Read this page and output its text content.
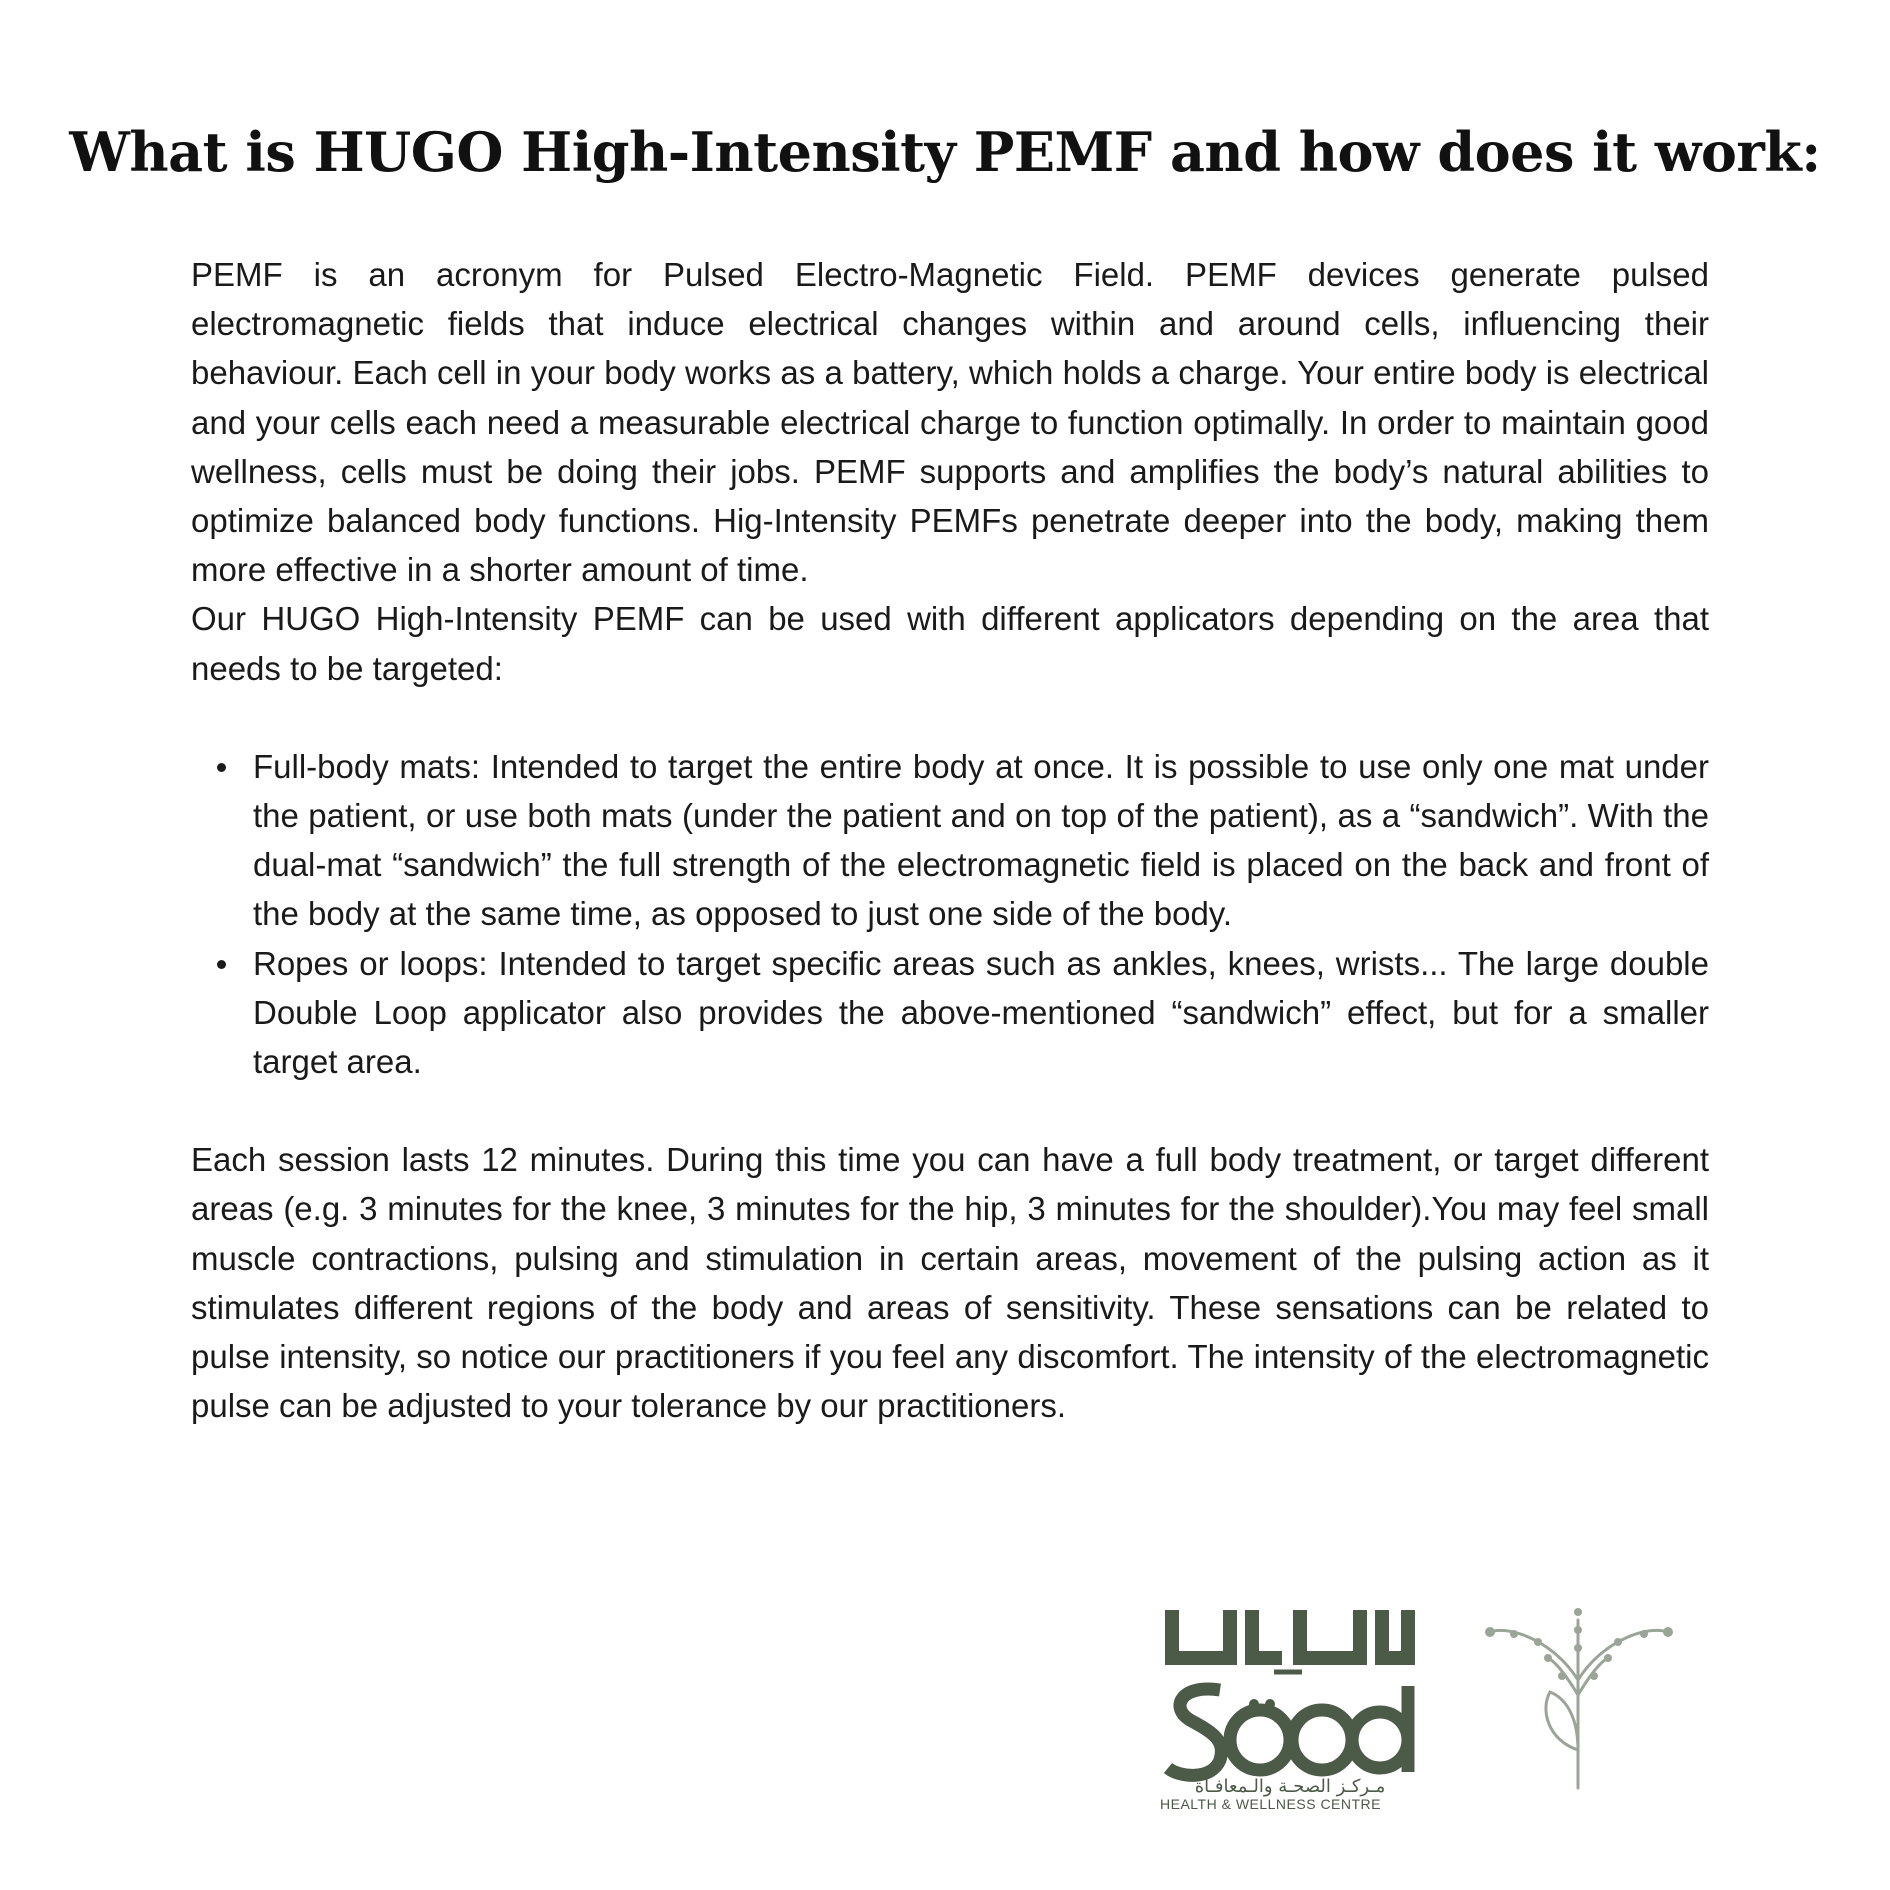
What is HUGO High-Intensity PEMF and how does it work:

PEMF is an acronym for Pulsed Electro-Magnetic Field. PEMF devices generate pulsed electromagnetic fields that induce electrical changes within and around cells, influencing their behaviour. Each cell in your body works as a battery, which holds a charge. Your entire body is electrical and your cells each need a measurable electrical charge to function optimally. In order to maintain good wellness, cells must be doing their jobs. PEMF supports and amplifies the body’s natural abilities to optimize balanced body functions. Hig-Intensity PEMFs penetrate deeper into the body, making them more effective in a shorter amount of time.

Our HUGO High-Intensity PEMF can be used with different applicators depending on the area that needs to be targeted:

Full-body mats: Intended to target the entire body at once. It is possible to use only one mat under the patient, or use both mats (under the patient and on top of the patient), as a “sandwich”. With the dual-mat “sandwich” the full strength of the electromagnetic field is placed on the back and front of the body at the same time, as opposed to just one side of the body.
Ropes or loops: Intended to target specific areas such as ankles, knees, wrists... The large double Double Loop applicator also provides the above-mentioned “sandwich” effect, but for a smaller target area.

Each session lasts 12 minutes. During this time you can have a full body treatment, or target different areas (e.g. 3 minutes for the knee, 3 minutes for the hip, 3 minutes for the shoulder).You may feel small muscle contractions, pulsing and stimulation in certain areas, movement of the pulsing action as it stimulates different regions of the body and areas of sensitivity. These sensations can be related to pulse intensity, so notice our practitioners if you feel any discomfort. The intensity of the electromagnetic pulse can be adjusted to your tolerance by our practitioners.

مـركـز الصحـة والـمعافـاة
HEALTH & WELLNESS CENTRE
